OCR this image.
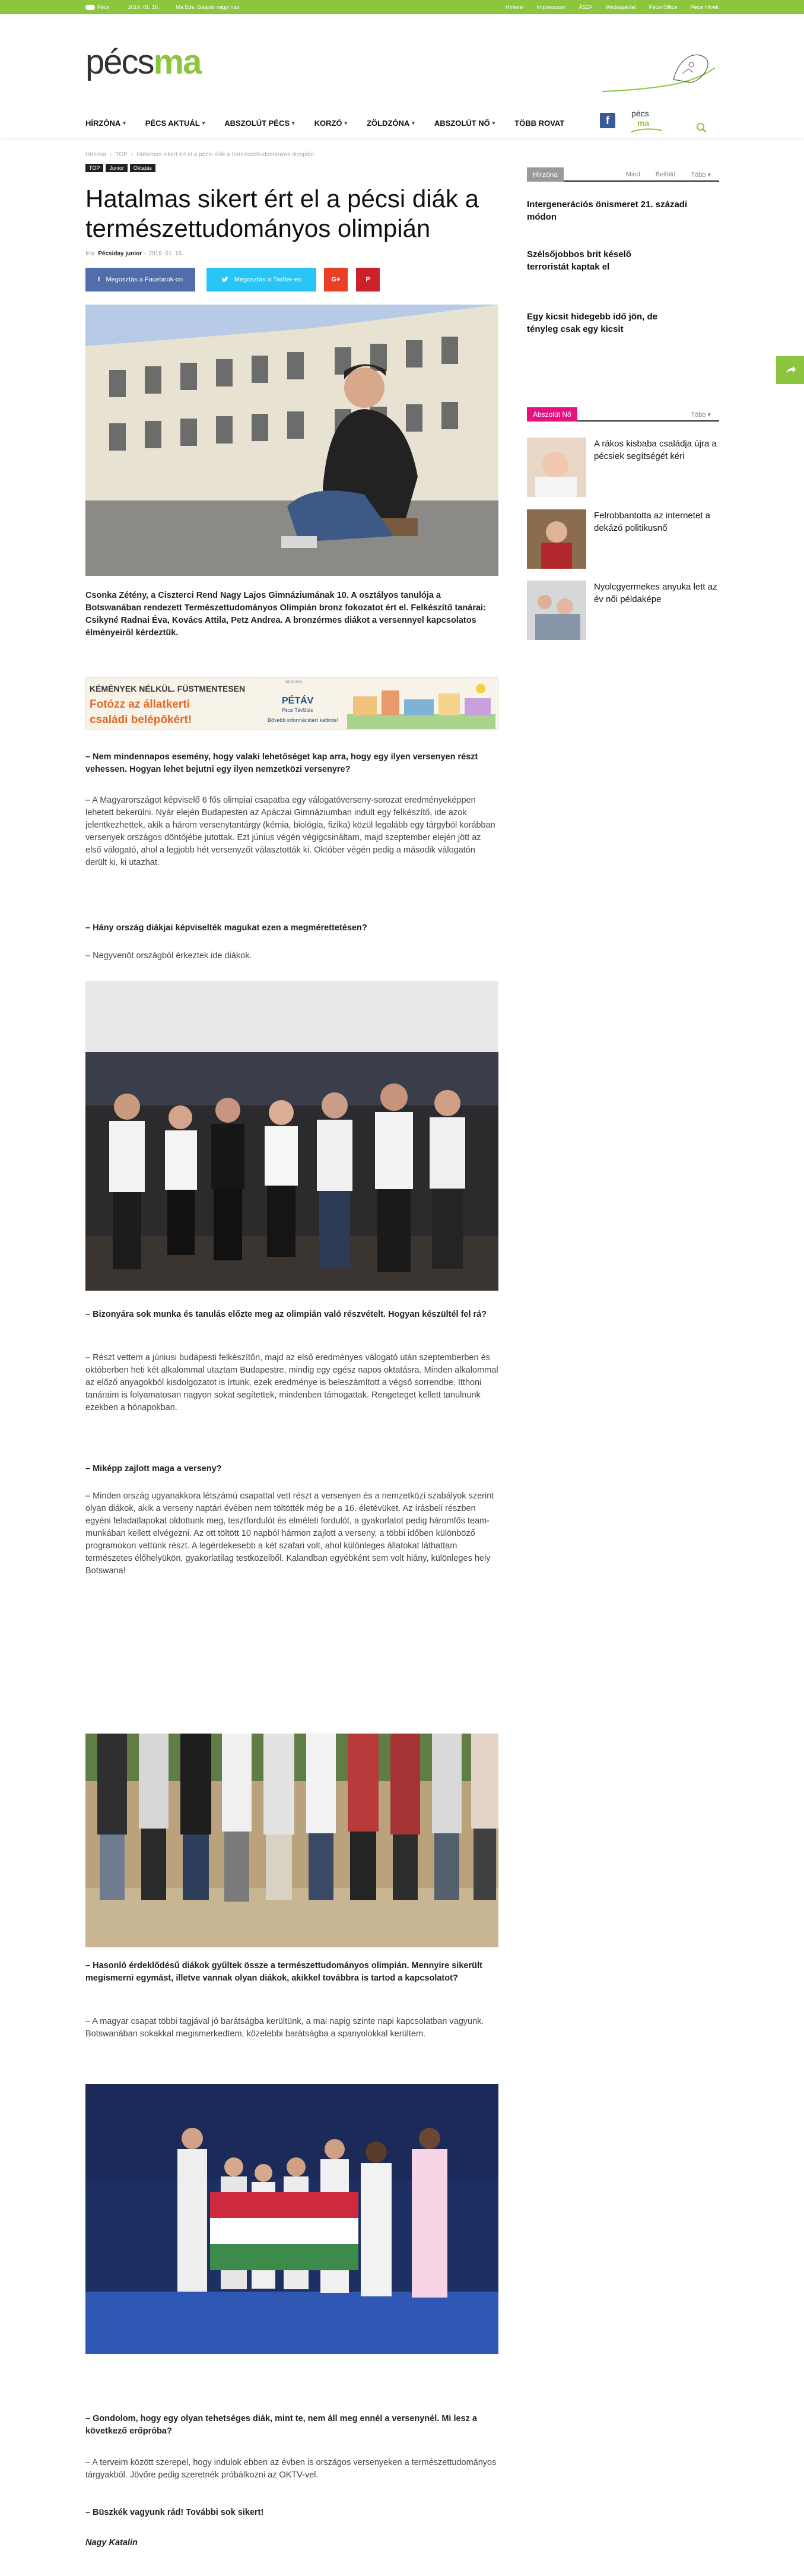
Pécs	2019. 01. 16.	Ma Ede, Gáspár nagyi nap	Hírlevél Impresszum ÁSZF Médiaajánlat Pécsi Office Pécsi Hívek
pécsma
HÍRZÓNA ▾	PÉCS AKTUÁL ▾	ABSZOLÚT PÉCS ▾	KORZÓ ▾	ZÖLDZÓNA ▾	ABSZOLÚT NŐ ▾	TÖBB ROVAT	f
pécs
ma
Hírzóna › TOP › Hatalmas sikert ért el a pécsi diák a természettudományos olimpián
TOP	Junior	Oktatás
Hatalmas sikert ért el a pécsi diák a természettudományos olimpián
Írta: Pécsiday junior - 2019. 01. 16.
f Megosztás a Facebook-on	Megosztás a Twitter-en	G+	P

Csonka Zétény, a Ciszterci Rend Nagy Lajos Gimnáziumának 10. A osztályos tanulója a Botswanában rendezett Természettudományos Olimpián bronz fokozatot ért el. Felkészítő tanárai: Csikyné Radnai Éva, Kovács Attila, Petz Andrea. A bronzérmes diákot a versennyel kapcsolatos élményeiről kérdeztük.

hirdetés
KÉMÉNYEK NÉLKÜL. FÜSTMENTESEN
Fotózz az állatkerti
családi belépőkért!
PÉTÁV
Pécsi Távfűtés
Bővebb információért kattints!

– Nem mindennapos esemény, hogy valaki lehetőséget kap arra, hogy egy ilyen versenyen részt vehessen. Hogyan lehet bejutni egy ilyen nemzetközi versenyre?

– A Magyarországot képviselő 6 fős olimpiai csapatba egy válogatóverseny-sorozat eredményeképpen lehetett bekerülni. Nyár elején Budapesten az Apáczai Gimnáziumban indult egy felkészítő, ide azok jelentkezhettek, akik a három versenytantárgy (kémia, biológia, fizika) közül legalább egy tárgyból korábban versenyek országos döntőjébe jutottak. Ezt június végén végigcsináltam, majd szeptember elején jött az első válogató, ahol a legjobb hét versenyzőt választották ki. Október végén pedig a második válogatón derült ki, ki utazhat.

– Hány ország diákjai képviselték magukat ezen a megmérettetésen?

– Negyvenöt országból érkeztek ide diákok.

– Bizonyára sok munka és tanulás előzte meg az olimpián való részvételt. Hogyan készültél fel rá?

– Részt vettem a júniusi budapesti felkészítőn, majd az első eredményes válogató után szeptemberben és októberben heti két alkalommal utaztam Budapestre, mindig egy egész napos oktatásra. Minden alkalommal az előző anyagokból kisdolgozatot is írtunk, ezek eredménye is beleszámított a végső sorrendbe. Itthoni tanáraim is folyamatosan nagyon sokat segítettek, mindenben támogattak. Rengeteget kellett tanulnunk ezekben a hónapokban.

– Miképp zajlott maga a verseny?

– Minden ország ugyanakkora létszámú csapattal vett részt a versenyen és a nemzetközi szabályok szerint olyan diákok, akik a verseny naptári évében nem töltötték még be a 16. életévüket. Az írásbeli részben egyéni feladatlapokat oldottunk meg, tesztfordulót és elméleti fordulót, a gyakorlatot pedig háromfős team-munkában kellett elvégezni. Az ott töltött 10 napból hármon zajlott a verseny, a többi időben különböző programokon vettünk részt. A legérdekesebb a két szafari volt, ahol különleges állatokat láthattam természetes élőhelyükön, gyakorlatilag testközelből. Kalandban egyébként sem volt hiány, különleges hely Botswana!

– Hasonló érdeklődésű diákok gyűltek össze a természettudományos olimpián. Mennyire sikerült megismerni egymást, illetve vannak olyan diákok, akikkel továbbra is tartod a kapcsolatot?

– A magyar csapat többi tagjával jó barátságba kerültünk, a mai napig szinte napi kapcsolatban vagyunk. Botswanában sokakkal megismerkedtem, közelebbi barátságba a spanyolokkal kerültem.

– Gondolom, hogy egy olyan tehetséges diák, mint te, nem áll meg ennél a versenynél. Mi lesz a következő erőpróba?

– A terveim között szerepel, hogy indulok ebben az évben is országos versenyeken a természettudományos tárgyakból. Jövőre pedig szeretnék próbálkozni az OKTV-vel.

– Büszkék vagyunk rád! További sok sikert!

Nagy Katalin

Hírzóna	Mind Belföld Több ▾
Intergenerációs önismeret 21. századi módon
Szélsőjobbos brit késelő terroristát kaptak el
Egy kicsit hidegebb idő jön, de tényleg csak egy kicsit
Abszolút Nő	Több ▾
A rákos kisbaba családja újra a pécsiek segítségét kéri
Felrobbantotta az internetet a dekázó politikusnő
Nyolcgyermekes anyuka lett az év női példaképe
